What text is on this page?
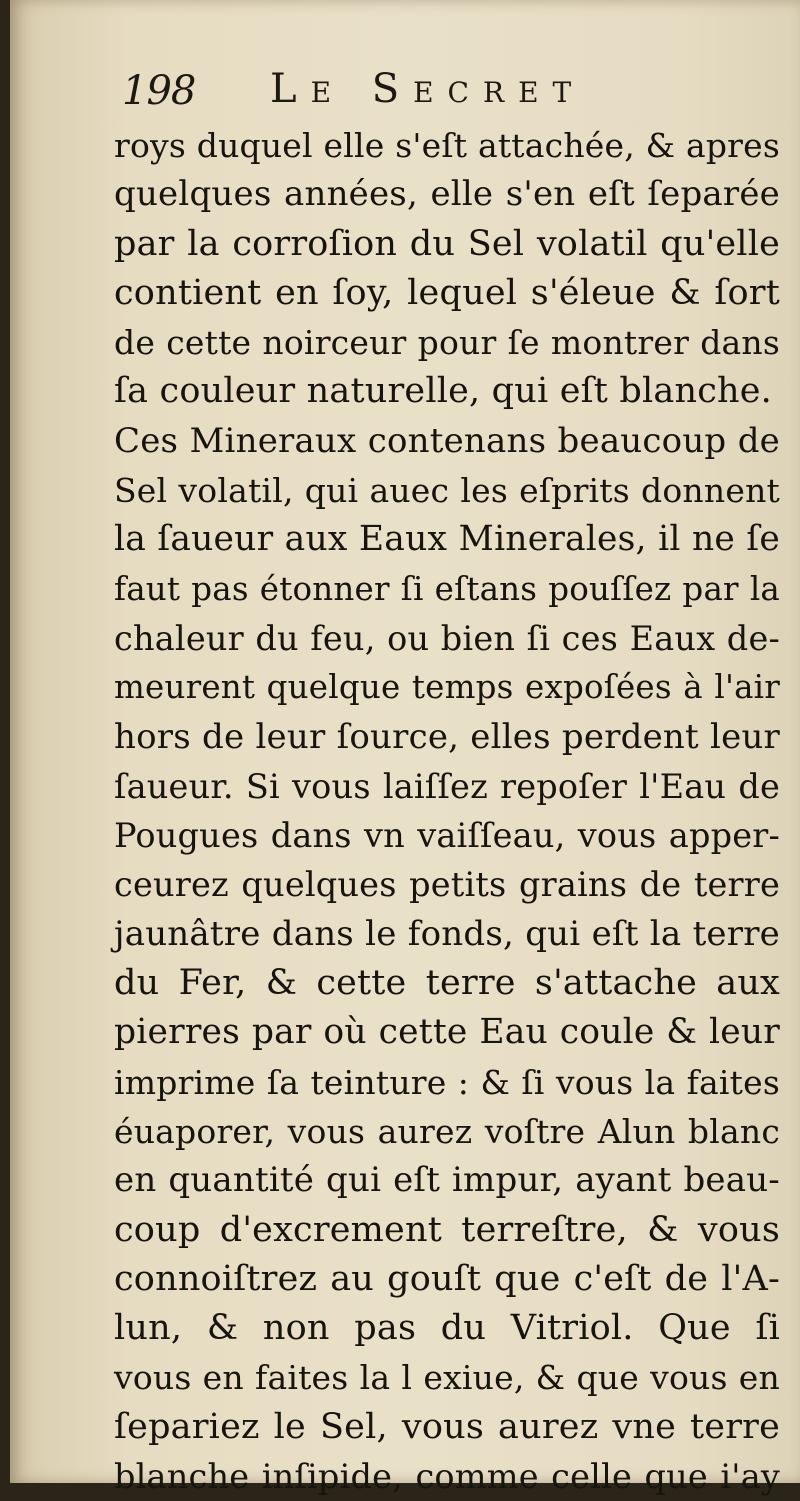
198 Le Secret
roys duquel elle s'eſt attachée, & apres
quelques années, elle s'en eſt ſeparée
par la corroſion du Sel volatil qu'elle
contient en ſoy, lequel s'éleue & ſort
de cette noirceur pour ſe montrer dans
ſa couleur naturelle, qui eſt blanche.
Ces Mineraux contenans beaucoup de
Sel volatil, qui auec les eſprits donnent
la ſaueur aux Eaux Minerales, il ne ſe
faut pas étonner ſi eſtans pouſſez par la
chaleur du feu, ou bien ſi ces Eaux de-
meurent quelque temps expoſées à l'air
hors de leur ſource, elles perdent leur
ſaueur. Si vous laiſſez repoſer l'Eau de
Pougues dans vn vaiſſeau, vous apper-
ceurez quelques petits grains de terre
jaunâtre dans le fonds, qui eſt la terre
du Fer, & cette terre s'attache aux
pierres par où cette Eau coule & leur
imprime ſa teinture : & ſi vous la faites
éuaporer, vous aurez voſtre Alun blanc
en quantité qui eſt impur, ayant beau-
coup d'excrement terreſtre, & vous
connoiſtrez au gouſt que c'eſt de l'A-
lun, & non pas du Vitriol. Que ſi
vous en faites la l exiue, & que vous en
ſepariez le Sel, vous aurez vne terre
blanche inſipide, comme celle que i'ay
